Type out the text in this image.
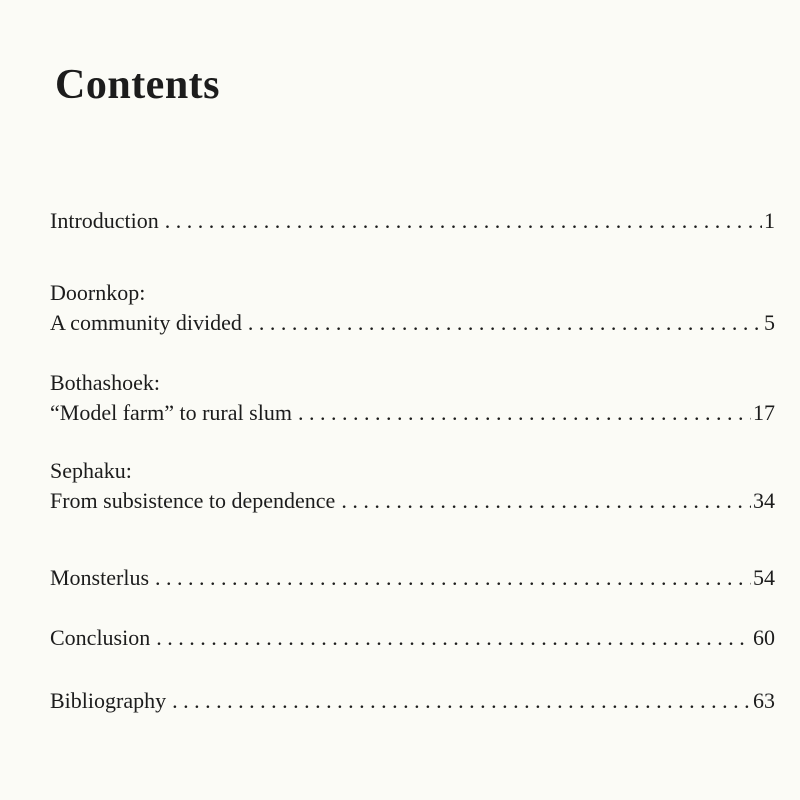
Contents
Introduction . . .	1
Doornkop:
A community divided . . .	5
Bothashoek:
“Model farm” to rural slum . . .	17
Sephaku:
From subsistence to dependence . . .	34
Monsterlus . . .	54
Conclusion . . .	60
Bibliography . . .	63
